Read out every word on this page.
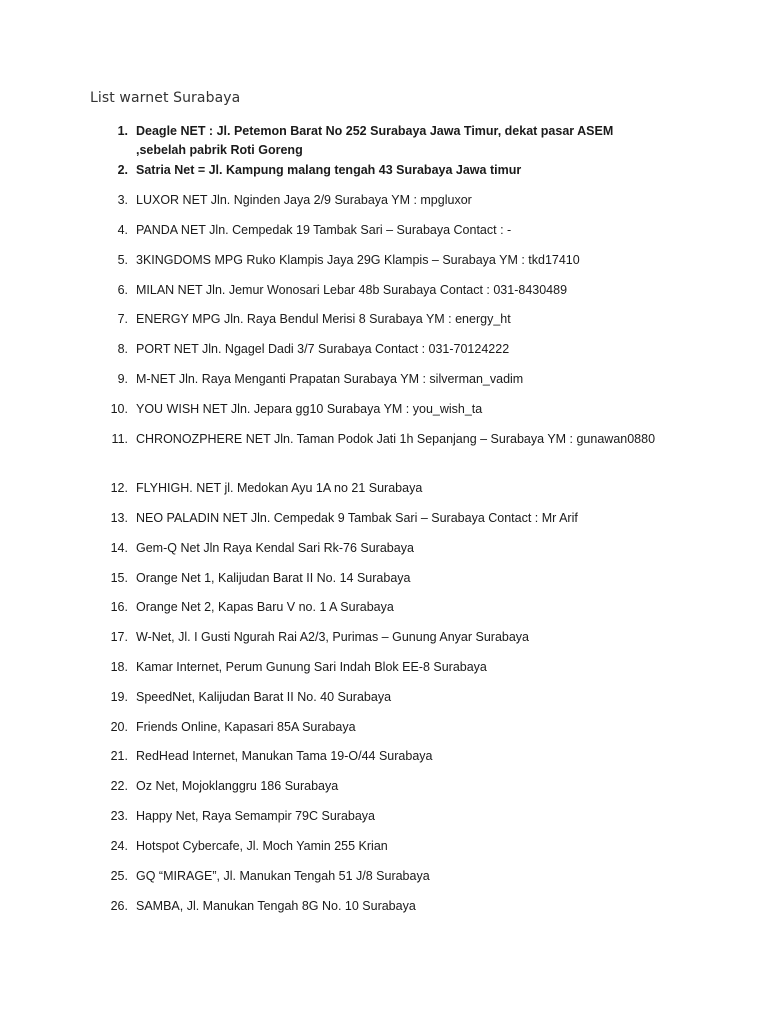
List warnet Surabaya
1. Deagle NET : Jl. Petemon Barat No 252 Surabaya Jawa Timur, dekat pasar ASEM ,sebelah pabrik Roti Goreng
2. Satria Net = Jl. Kampung malang tengah 43 Surabaya Jawa timur
3. LUXOR NET Jln. Nginden Jaya 2/9 Surabaya YM : mpgluxor
4. PANDA NET Jln. Cempedak 19 Tambak Sari – Surabaya Contact : -
5. 3KINGDOMS MPG Ruko Klampis Jaya 29G Klampis – Surabaya YM : tkd17410
6. MILAN NET Jln. Jemur Wonosari Lebar 48b Surabaya Contact : 031-8430489
7. ENERGY MPG Jln. Raya Bendul Merisi 8 Surabaya YM : energy_ht
8. PORT NET Jln. Ngagel Dadi 3/7 Surabaya Contact : 031-70124222
9. M-NET Jln. Raya Menganti Prapatan Surabaya YM : silverman_vadim
10. YOU WISH NET Jln. Jepara gg10 Surabaya YM : you_wish_ta
11. CHRONOZPHERE NET Jln. Taman Podok Jati 1h Sepanjang – Surabaya YM : gunawan0880
12. FLYHIGH. NET jl. Medokan Ayu 1A no 21 Surabaya
13. NEO PALADIN NET Jln. Cempedak 9 Tambak Sari – Surabaya Contact : Mr Arif
14. Gem-Q Net Jln Raya Kendal Sari Rk-76 Surabaya
15. Orange Net 1, Kalijudan Barat II No. 14 Surabaya
16. Orange Net 2, Kapas Baru V no. 1 A Surabaya
17. W-Net, Jl. I Gusti Ngurah Rai A2/3, Purimas – Gunung Anyar Surabaya
18. Kamar Internet, Perum Gunung Sari Indah Blok EE-8 Surabaya
19. SpeedNet, Kalijudan Barat II No. 40 Surabaya
20. Friends Online, Kapasari 85A Surabaya
21. RedHead Internet, Manukan Tama 19-O/44 Surabaya
22. Oz Net, Mojoklanggru 186 Surabaya
23. Happy Net, Raya Semampir 79C Surabaya
24. Hotspot Cybercafe, Jl. Moch Yamin 255 Krian
25. GQ “MIRAGE”, Jl. Manukan Tengah 51 J/8 Surabaya
26. SAMBA, Jl. Manukan Tengah 8G No. 10 Surabaya
